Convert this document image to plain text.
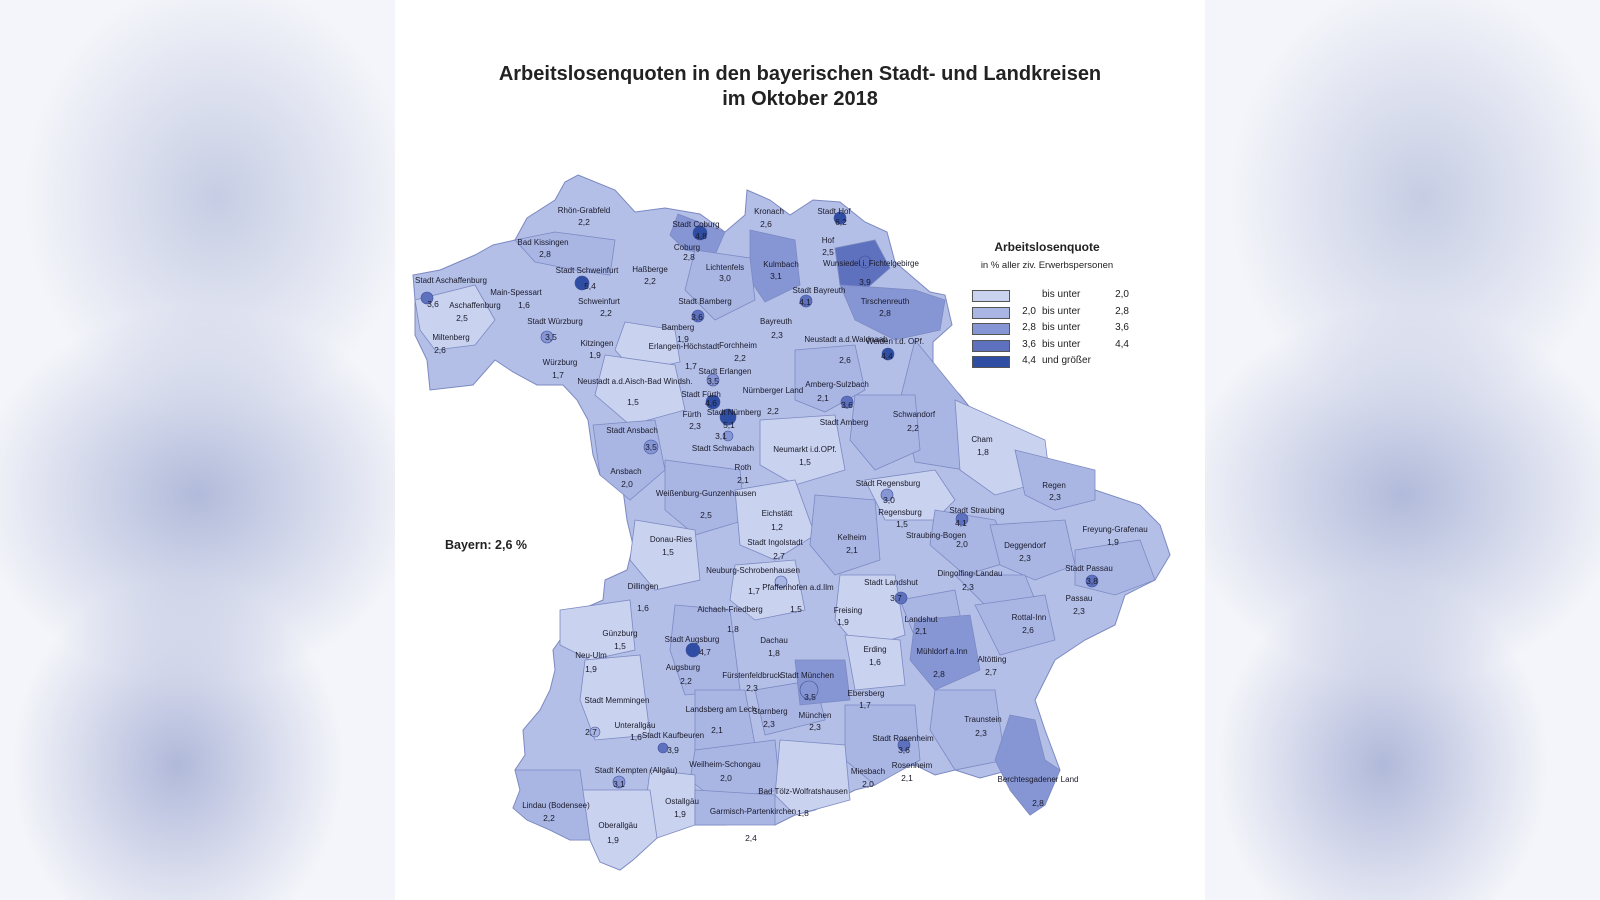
Arbeitslosenquoten in den bayerischen Stadt- und Landkreisen
im Oktober 2018
Rhön-Grabfeld
2,2
Bad Kissingen
2,8
Stadt Schweinfurt
5,4
Haßberge
2,2
Stadt Coburg
4,8
Coburg
2,8
Lichtenfels
3,0
Kronach
2,6
Stadt Hof
6,2
Hof
2,5
Kulmbach
3,1
Wunsiedel i. Fichtelgebirge
3,9
Stadt Aschaffenburg
3,6 Aschaffenburg
2,5
Main-Spessart
1,6	Schweinfurt
2,2
Stadt Bamberg
3,6
Stadt Bayreuth
4,1	Tirschenreuth
2,8
Miltenberg
2,6
Stadt Würzburg
3,5
Kitzingen
1,9
Bamberg
1,9
Bayreuth
2,3	Neustadt a.d.Waldnaab
2,6
Weiden i.d. OPf.
4,4
Würzburg
1,7
Erlangen-Höchstadt
1,7
Forchheim
2,2
Neustadt a.d.Aisch-Bad Windsh.
1,5
Stadt Erlangen
3,5
Nürnberger Land
2,2
Amberg-Sulzbach
2,1
Stadt Fürth
4,6
Stadt Nürnberg
5,1	Stadt Amberg
3,6
Fürth
2,3
Stadt Schwabach
3,1
Schwandorf
2,2
Stadt Ansbach
3,5	Neumarkt i.d.OPf.
1,5
Cham
1,8
Ansbach
2,0
Roth
2,1	Stadt Regensburg
3,0
Regen
2,3
Weißenburg-Gunzenhausen
2,5	Regensburg
1,5
Stadt Straubing
4,1
Eichstätt
1,2
Straubing-Bogen
2,0
Freyung-Grafenau
1,9
Kelheim
2,1	Deggendorf
2,3
Donau-Ries
1,5
Stadt Ingolstadt
2,7
Stadt Passau
3,8
Neuburg-Schrobenhausen
1,7
Dingolfing-Landau
2,3
Stadt Landshut
3,7
Dillingen
1,6
Pfaffenhofen a.d.Ilm
1,5
Passau
2,3
Freising
1,9
Aichach-Friedberg
1,8
Landshut
2,1
Rottal-Inn
2,6
Günzburg
1,5
Stadt Augsburg
4,7
Dachau
1,8	Erding
1,6
Mühldorf a.Inn
2,8
Neu-Ulm
1,9	Augsburg
2,2
Altötting
2,7
Fürstenfeldbruck
2,3
Stadt München
3,5	Ebersberg
1,7
Stadt Memmingen
2,7
Landsberg am Lech
2,1
Starnberg
2,3
München
2,3
Traunstein
2,3
Unterallgäu
1,6 Stadt Kaufbeuren
3,9
Stadt Rosenheim
3,6
Stadt Kempten (Allgäu)
3,1
Weilheim-Schongau
2,0
Rosenheim
2,1
Miesbach
2,0	Berchtesgadener Land
2,8
Bad Tölz-Wolfratshausen
1,8
Lindau (Bodensee)
2,2
Ostallgäu
1,9	Garmisch-Partenkirchen
2,4
Oberallgäu
1,9
Bayern: 2,6 %
Arbeitslosenquote
in % aller ziv. Erwerbspersonen
bis unter	2,0
2,0 bis unter	2,8
2,8 bis unter	3,6
3,6 bis unter	4,4
4,4 und größer
